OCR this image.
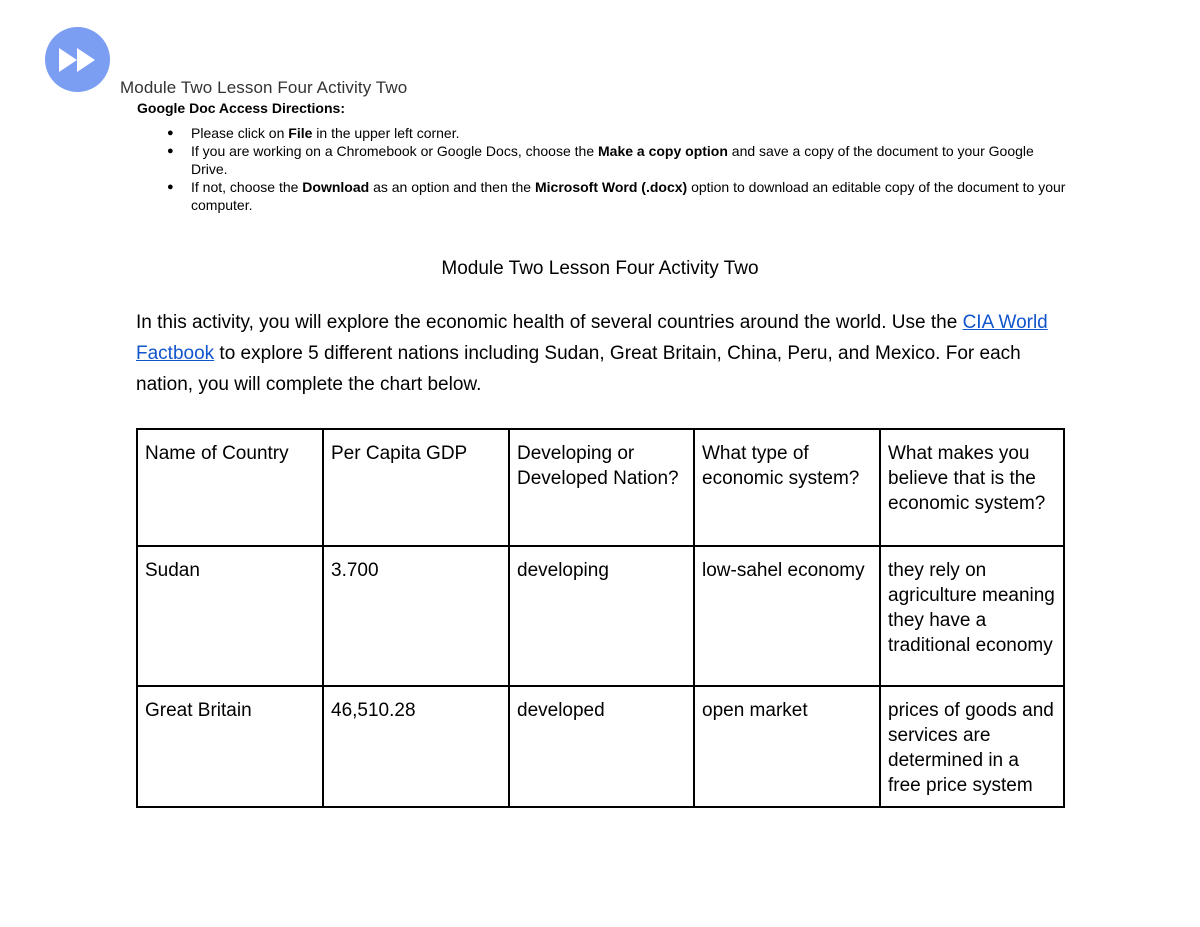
Module Two Lesson Four Activity Two
Google Doc Access Directions:
● Please click on File in the upper left corner.
● If you are working on a Chromebook or Google Docs, choose the Make a copy option and save a copy of the document to your Google Drive.
● If not, choose the Download as an option and then the Microsoft Word (.docx) option to download an editable copy of the document to your computer.
Module Two Lesson Four Activity Two

In this activity, you will explore the economic health of several countries around the world. Use the CIA World Factbook to explore 5 different nations including Sudan, Great Britain, China, Peru, and Mexico. For each nation, you will complete the chart below.

Name of Country	Per Capita GDP	Developing or Developed Nation?	What type of economic system?	What makes you believe that is the economic system?
Sudan	3.700	developing	low-sahel economy	they rely on agriculture meaning they have a traditional economy
Great Britain	46,510.28	developed	open market	prices of goods and services are determined in a free price system
